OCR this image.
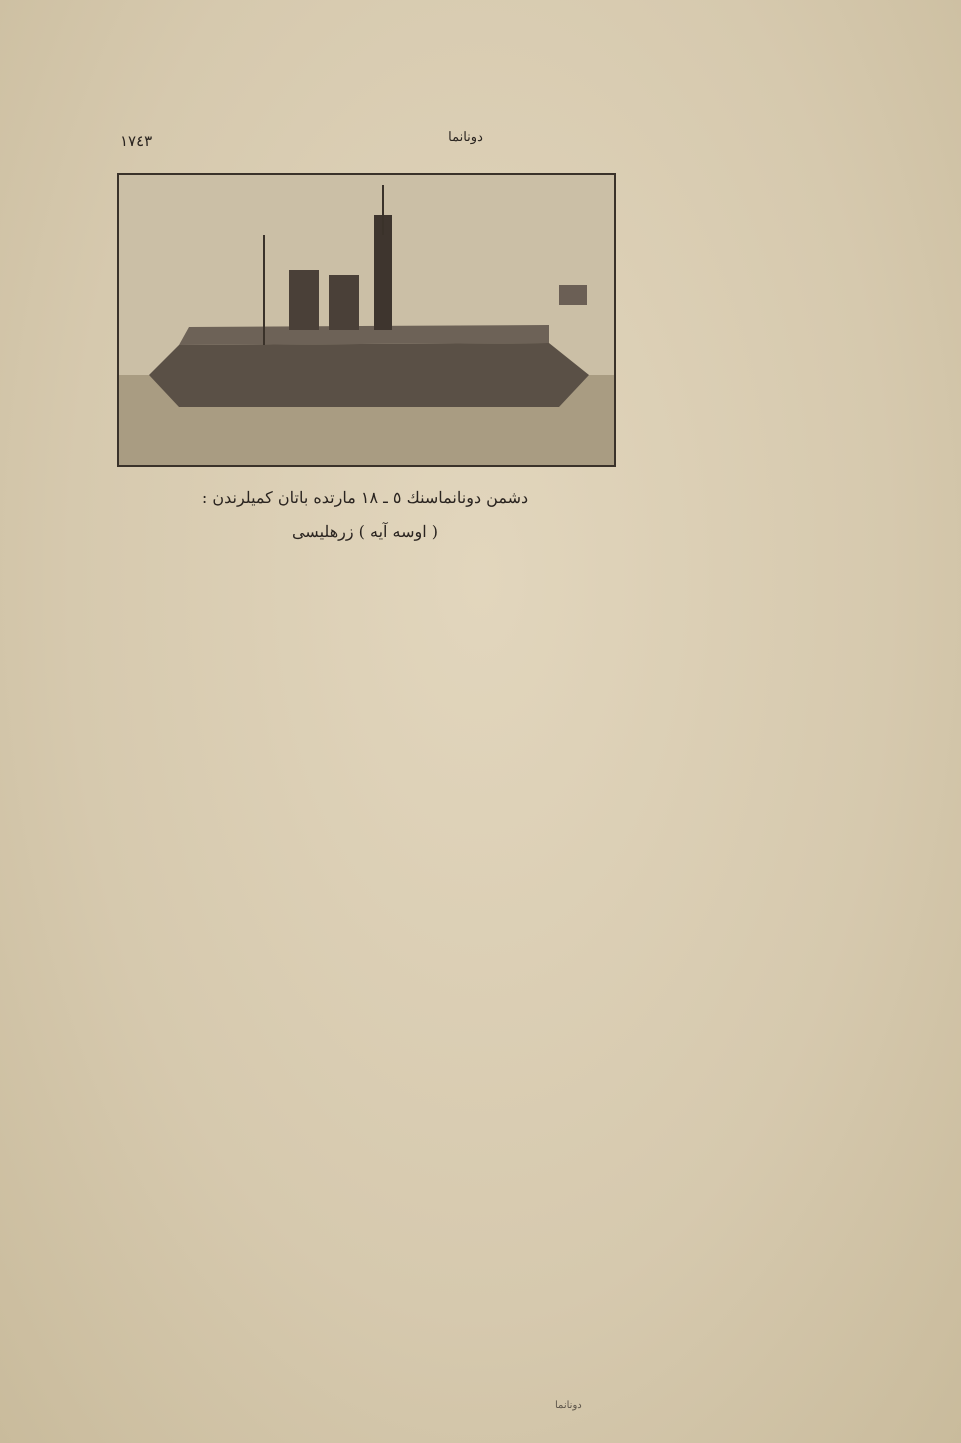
١٧٤٣	دونانما
دشمن دونانماسنك ٥ ـ ١٨ مارتده باتان كميلرندن :
( اوسه آيه ) زرهليسى
دونانما
